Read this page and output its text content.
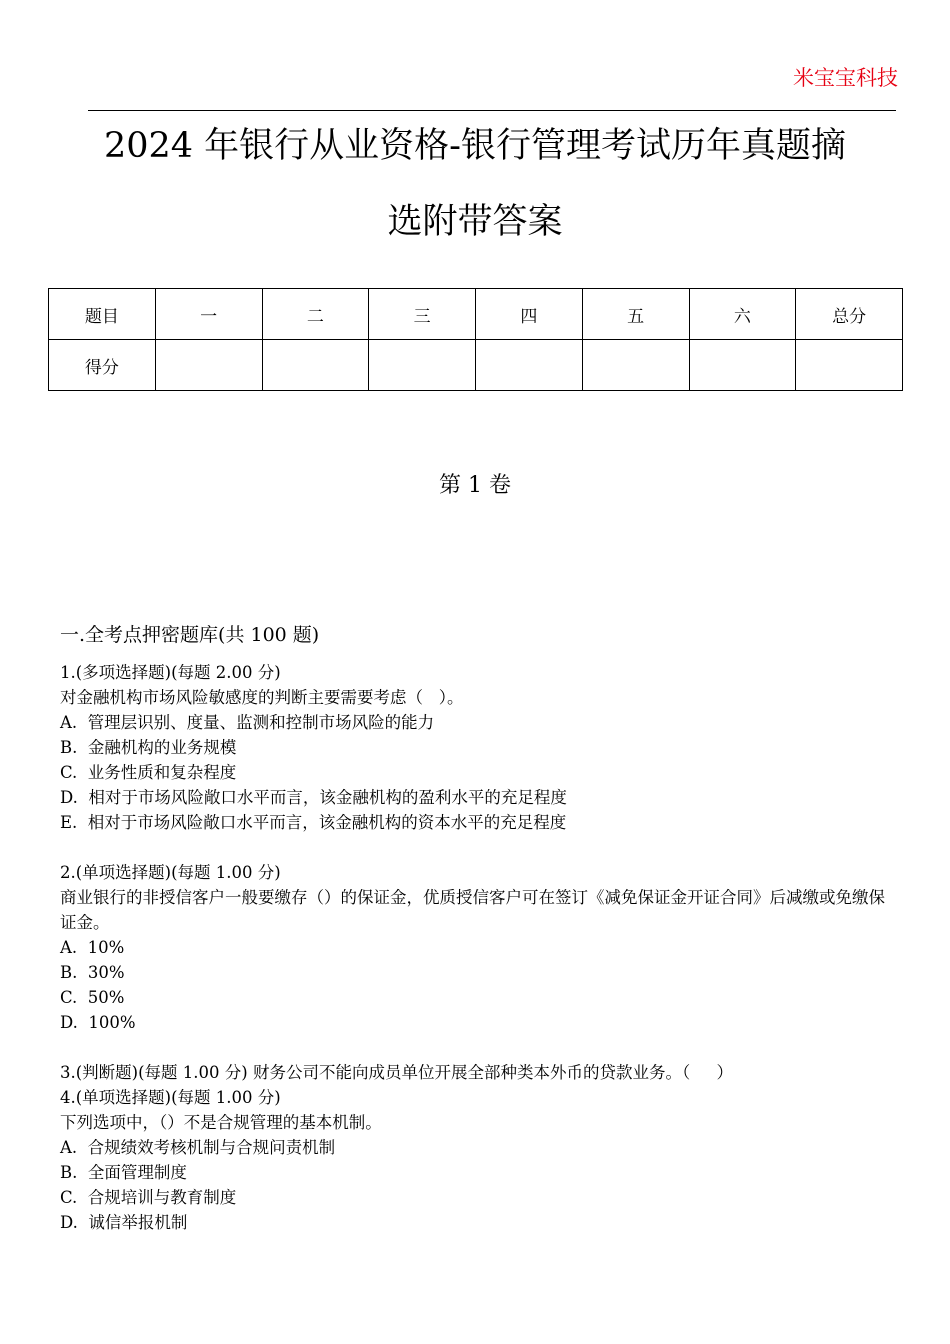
米宝宝科技
2024 年银行从业资格-银行管理考试历年真题摘
选附带答案
题目	一	二	三	四	五	六	总分
得分							
第 1 卷
一.全考点押密题库(共 100 题)
1.(多项选择题)(每题 2.00 分)
对金融机构市场风险敏感度的判断主要需要考虑（   ）。
A.  管理层识别、度量、监测和控制市场风险的能力
B.  金融机构的业务规模
C.  业务性质和复杂程度
D.  相对于市场风险敞口水平而言，该金融机构的盈利水平的充足程度
E.  相对于市场风险敞口水平而言，该金融机构的资本水平的充足程度
2.(单项选择题)(每题 1.00 分)
商业银行的非授信客户一般要缴存（）的保证金，优质授信客户可在签订《减免保证金开证合同》后减缴或免缴保证金。
A.  10%
B.  30%
C.  50%
D.  100%
3.(判断题)(每题 1.00 分) 财务公司不能向成员单位开展全部种类本外币的贷款业务。（     ）
4.(单项选择题)(每题 1.00 分)
下列选项中，（）不是合规管理的基本机制。
A.  合规绩效考核机制与合规问责机制
B.  全面管理制度
C.  合规培训与教育制度
D.  诚信举报机制
